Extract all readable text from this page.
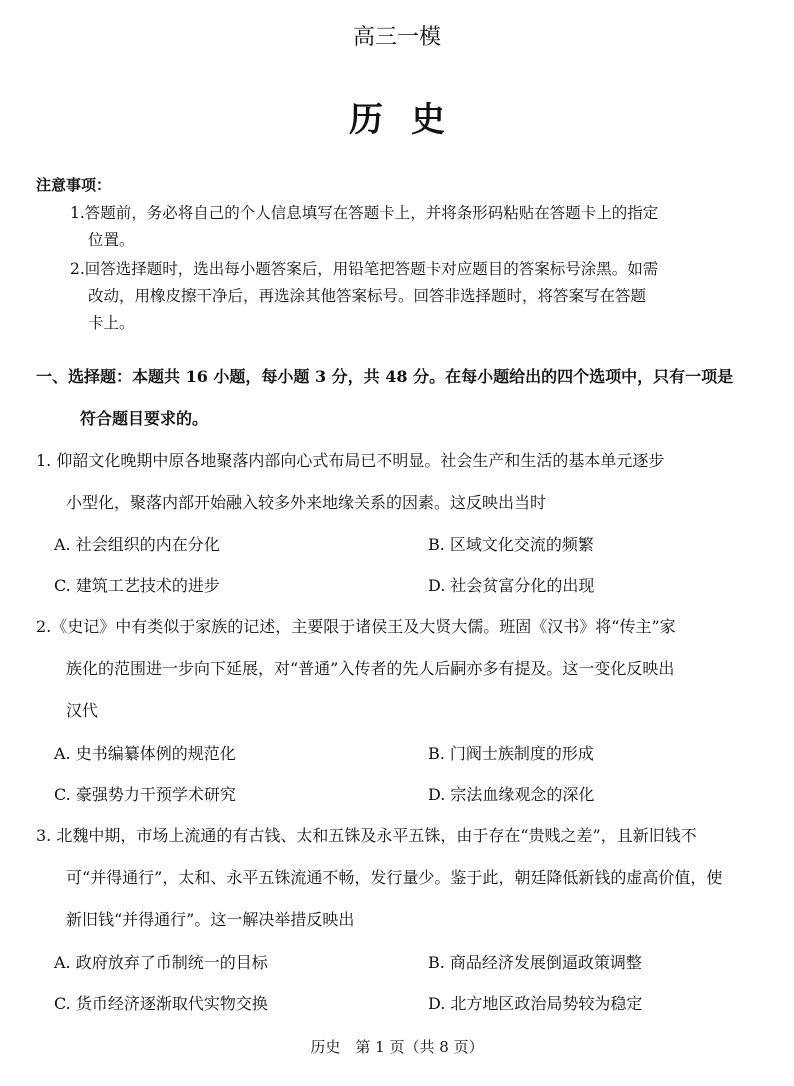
高三一模
历史
注意事项：
1.答题前，务必将自己的个人信息填写在答题卡上，并将条形码粘贴在答题卡上的指定
位置。
2.回答选择题时，选出每小题答案后，用铅笔把答题卡对应题目的答案标号涂黑。如需
改动，用橡皮擦干净后，再选涂其他答案标号。回答非选择题时，将答案写在答题
卡上。
一、选择题：本题共 16 小题，每小题 3 分，共 48 分。在每小题给出的四个选项中，只有一项是
符合题目要求的。
1. 仰韶文化晚期中原各地聚落内部向心式布局已不明显。社会生产和生活的基本单元逐步
小型化，聚落内部开始融入较多外来地缘关系的因素。这反映出当时
A. 社会组织的内在分化	B. 区域文化交流的频繁
C. 建筑工艺技术的进步	D. 社会贫富分化的出现
2.《史记》中有类似于家族的记述，主要限于诸侯王及大贤大儒。班固《汉书》将“传主”家
族化的范围进一步向下延展，对“普通”入传者的先人后嗣亦多有提及。这一变化反映出
汉代
A. 史书编纂体例的规范化	B. 门阀士族制度的形成
C. 豪强势力干预学术研究	D. 宗法血缘观念的深化
3. 北魏中期，市场上流通的有古钱、太和五铢及永平五铢，由于存在“贵贱之差”，且新旧钱不
可“并得通行”，太和、永平五铢流通不畅，发行量少。鉴于此，朝廷降低新钱的虚高价值，使
新旧钱“并得通行”。这一解决举措反映出
A. 政府放弃了币制统一的目标	B. 商品经济发展倒逼政策调整
C. 货币经济逐渐取代实物交换	D. 北方地区政治局势较为稳定
历史　第 1 页（共 8 页）
